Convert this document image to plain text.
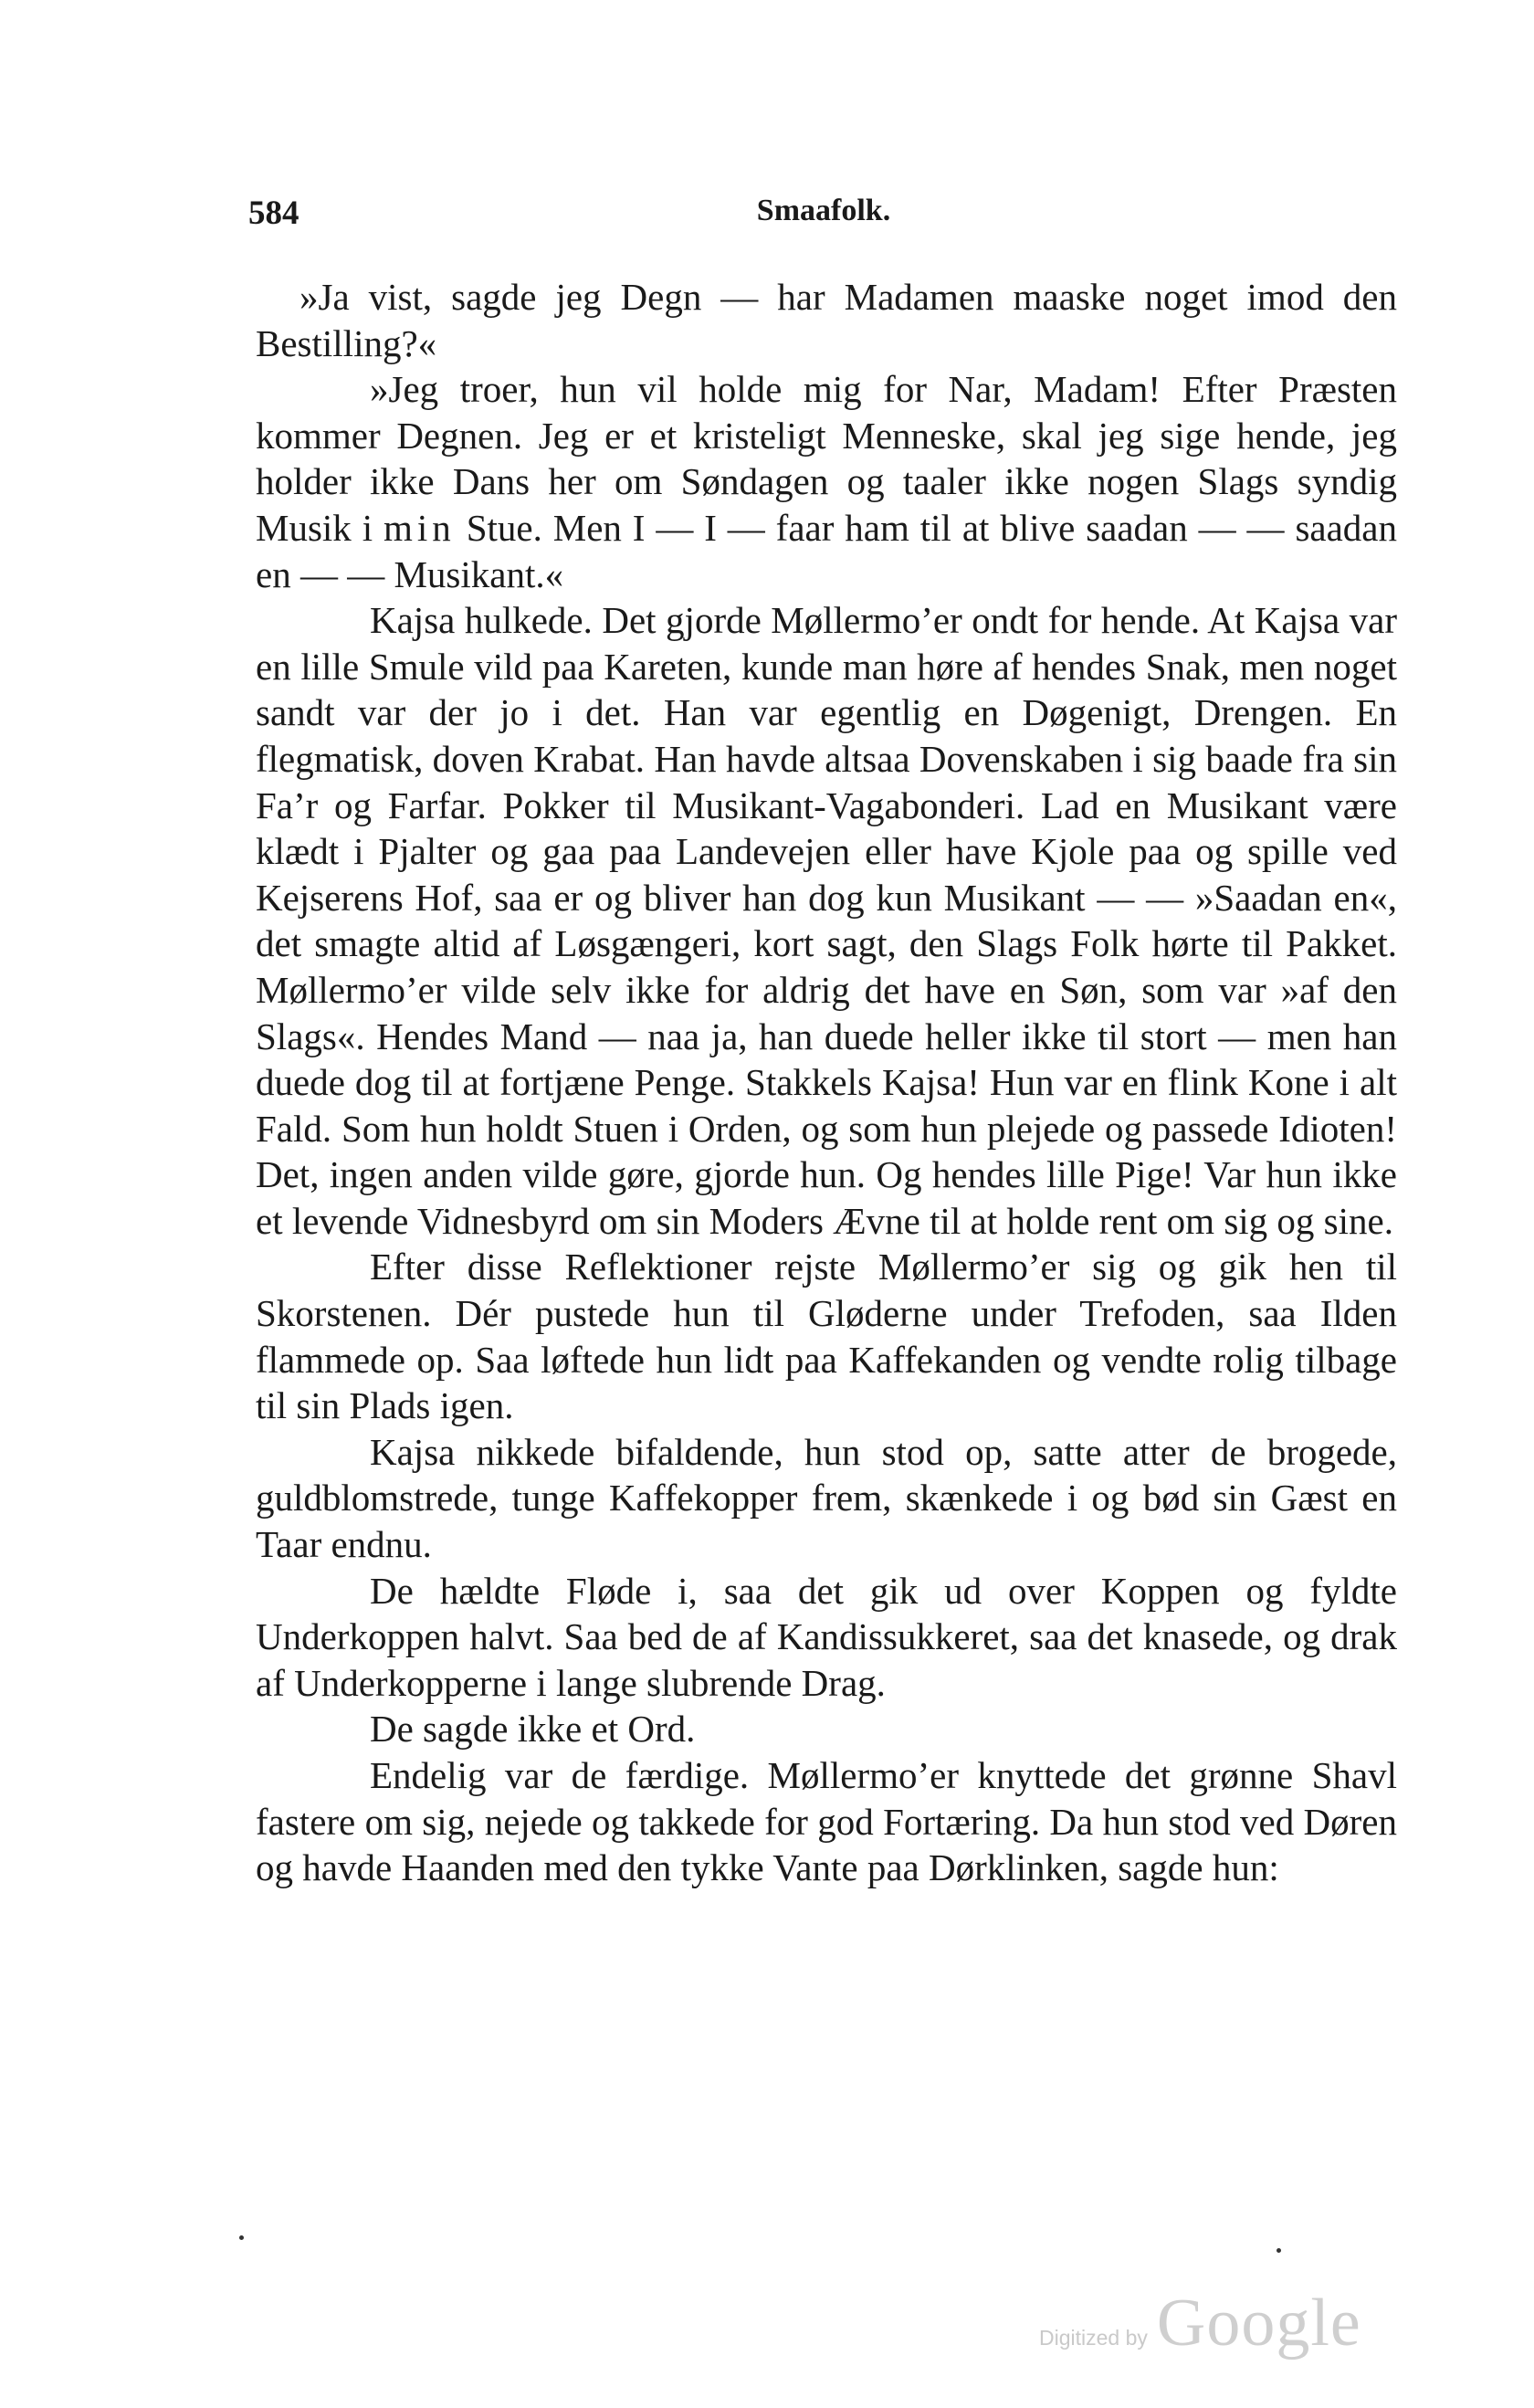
584	Smaafolk.

»Ja vist, sagde jeg Degn — har Madamen maaske noget imod den Bestilling?«

»Jeg troer, hun vil holde mig for Nar, Madam! Efter Præsten kommer Degnen. Jeg er et kristeligt Menneske, skal jeg sige hende, jeg holder ikke Dans her om Søndagen og taaler ikke nogen Slags syndig Musik i min Stue. Men I — I — faar ham til at blive saadan — — saadan en — — Musikant.«

Kajsa hulkede. Det gjorde Møllermo’er ondt for hende. At Kajsa var en lille Smule vild paa Kareten, kunde man høre af hendes Snak, men noget sandt var der jo i det. Han var egentlig en Døgenigt, Drengen. En flegmatisk, doven Krabat. Han havde altsaa Dovenskaben i sig baade fra sin Fa’r og Farfar. Pokker til Musikant-Vagabonderi. Lad en Musikant være klædt i Pjalter og gaa paa Landevejen eller have Kjole paa og spille ved Kejserens Hof, saa er og bliver han dog kun Musikant — — »Saadan en«, det smagte altid af Løsgængeri, kort sagt, den Slags Folk hørte til Pakket. Møllermo’er vilde selv ikke for aldrig det have en Søn, som var »af den Slags«. Hendes Mand — naa ja, han duede heller ikke til stort — men han duede dog til at fortjæne Penge. Stakkels Kajsa! Hun var en flink Kone i alt Fald. Som hun holdt Stuen i Orden, og som hun plejede og passede Idioten! Det, ingen anden vilde gøre, gjorde hun. Og hendes lille Pige! Var hun ikke et levende Vidnesbyrd om sin Moders Ævne til at holde rent om sig og sine.

Efter disse Reflektioner rejste Møllermo’er sig og gik hen til Skorstenen. Dér pustede hun til Gløderne under Trefoden, saa Ilden flammede op. Saa løftede hun lidt paa Kaffekanden og vendte rolig tilbage til sin Plads igen.

Kajsa nikkede bifaldende, hun stod op, satte atter de brogede, guldblomstrede, tunge Kaffekopper frem, skænkede i og bød sin Gæst en Taar endnu.

De hældte Fløde i, saa det gik ud over Koppen og fyldte Underkoppen halvt. Saa bed de af Kandissukkeret, saa det knasede, og drak af Underkopperne i lange slubrende Drag.

De sagde ikke et Ord.

Endelig var de færdige. Møllermo’er knyttede det grønne Shavl fastere om sig, nejede og takkede for god Fortæring. Da hun stod ved Døren og havde Haanden med den tykke Vante paa Dørklinken, sagde hun:

Digitized by Google
